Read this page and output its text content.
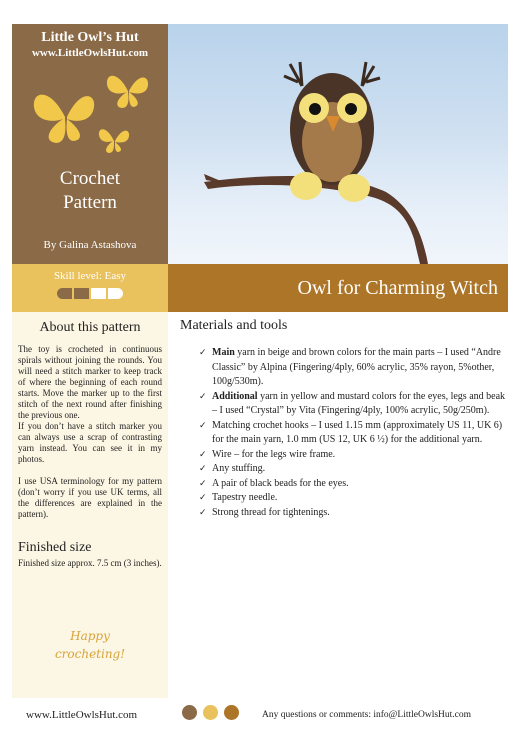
Little Owl’s Hut
www.LittleOwlsHut.com
Crochet
Pattern
By Galina Astashova
Skill level: Easy
Owl for Charming Witch
About this pattern

The toy is crocheted in continuous spirals without joining the rounds. You will need a stitch marker to keep track of where the beginning of each round starts. Move the marker up to the first stitch of the next round after finishing the previous one.

If you don’t have a stitch marker you can always use a scrap of contrasting yarn instead. You can see it in my photos.

I use USA terminology for my pattern (don’t worry if you use UK terms, all the differences are explained in the pattern).

Finished size

Finished size approx. 7.5 cm (3 inches).

Happy
crocheting!
Materials and tools
✓ Main yarn in beige and brown colors for the main parts – I used “Andre Classic” by Alpina (Fingering/4ply, 60% acrylic, 35% rayon, 5%other, 100g/530m).
✓ Additional yarn in yellow and mustard colors for the eyes, legs and beak – I used “Crystal” by Vita (Fingering/4ply, 100% acrylic, 50g/250m).
✓ Matching crochet hooks – I used 1.15 mm (approximately US 11, UK 6) for the main yarn, 1.0 mm (US 12, UK 6 ½) for the additional yarn.
✓ Wire – for the legs wire frame.
✓ Any stuffing.
✓ A pair of black beads for the eyes.
✓ Tapestry needle.
✓ Strong thread for tightenings.
www.LittleOwlsHut.com	Any questions or comments: info@LittleOwlsHut.com
